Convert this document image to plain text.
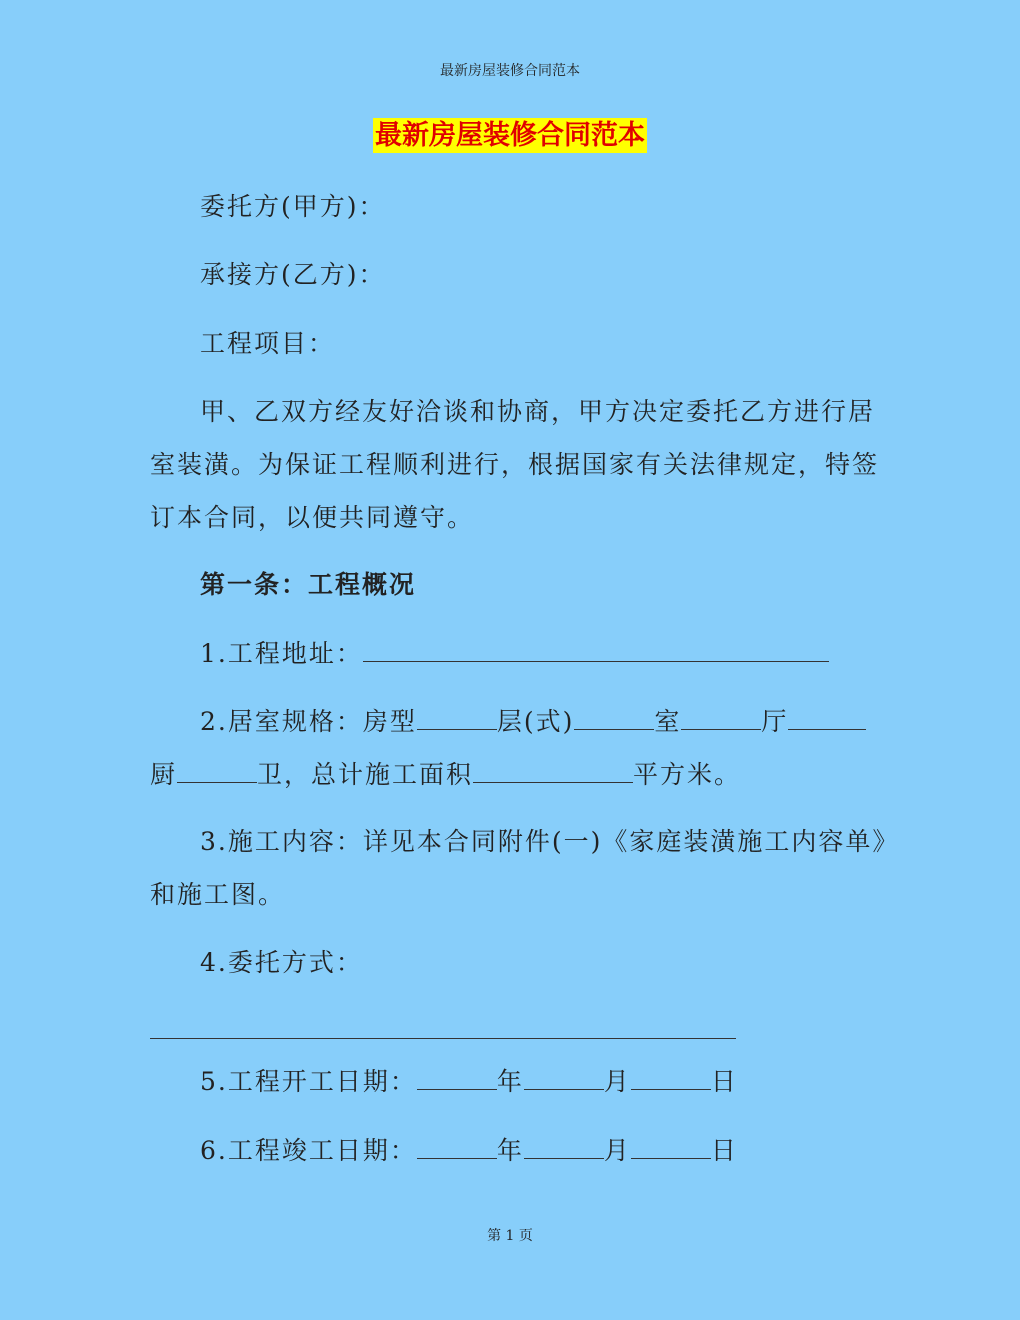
最新房屋装修合同范本
最新房屋装修合同范本
委托方(甲方)：
承接方(乙方)：
工程项目：
甲、乙双方经友好洽谈和协商，甲方决定委托乙方进行居
室装潢。为保证工程顺利进行，根据国家有关法律规定，特签
订本合同，以便共同遵守。
第一条：工程概况
1.工程地址：
2.居室规格：房型	层(式)	室	厅
厨	卫，总计施工面积	平方米。
3.施工内容：详见本合同附件(一)《家庭装潢施工内容单》
和施工图。
4.委托方式：
5.工程开工日期：	年	月	日
6.工程竣工日期：	年	月	日
第 1 页
